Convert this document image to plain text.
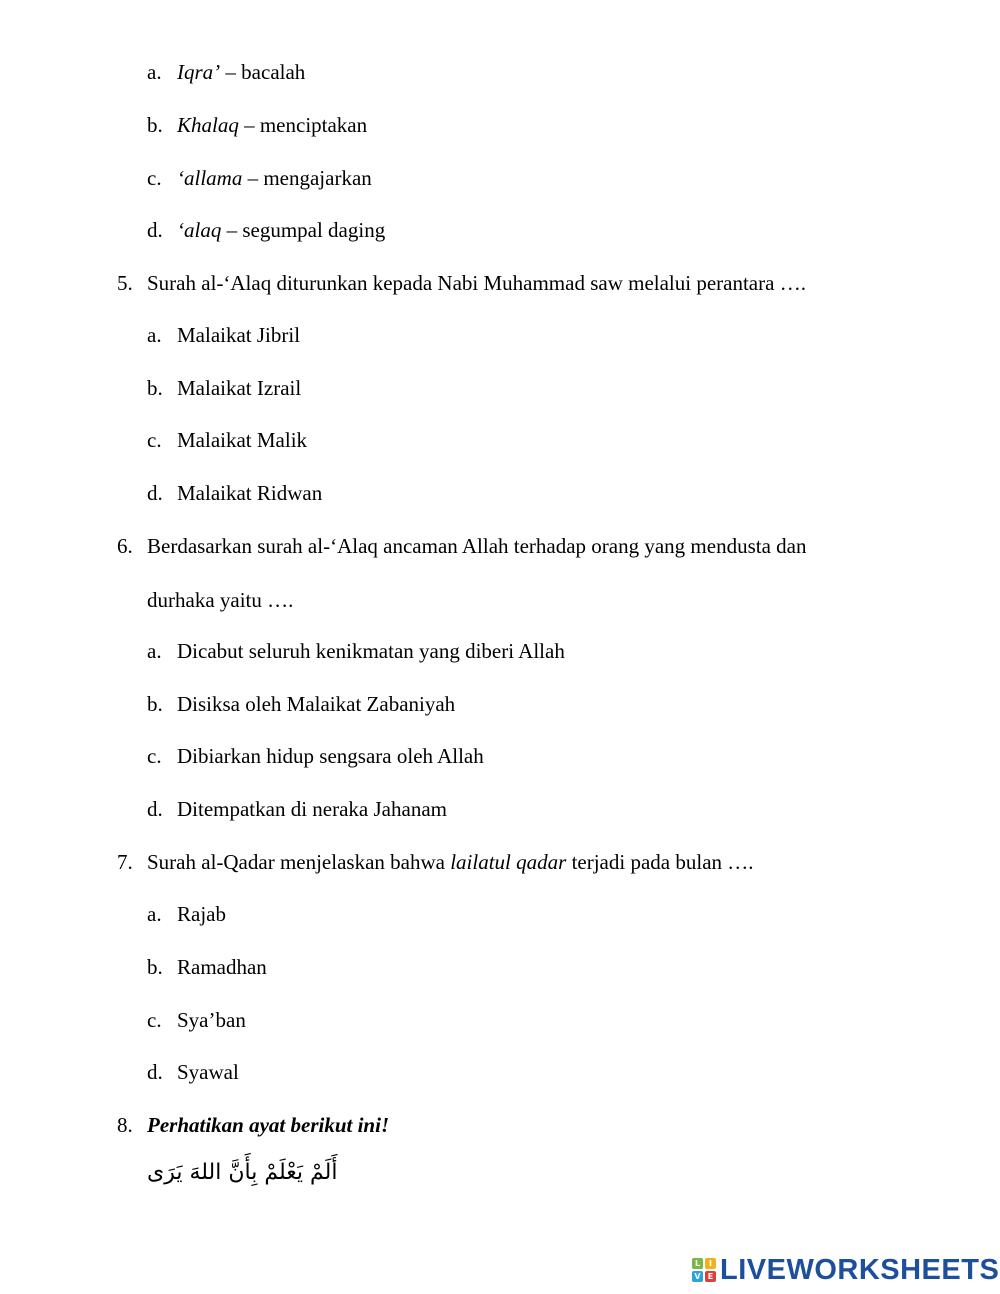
a. Iqra’ – bacalah
b. Khalaq – menciptakan
c. ‘allama – mengajarkan
d. ‘alaq – segumpal daging
5. Surah al-‘Alaq diturunkan kepada Nabi Muhammad saw melalui perantara ….
a. Malaikat Jibril
b. Malaikat Izrail
c. Malaikat Malik
d. Malaikat Ridwan
6. Berdasarkan surah al-‘Alaq ancaman Allah terhadap orang yang mendusta dan
durhaka yaitu ….
a. Dicabut seluruh kenikmatan yang diberi Allah
b. Disiksa oleh Malaikat Zabaniyah
c. Dibiarkan hidup sengsara oleh Allah
d. Ditempatkan di neraka Jahanam
7. Surah al-Qadar menjelaskan bahwa lailatul qadar terjadi pada bulan ….
a. Rajab
b. Ramadhan
c. Sya’ban
d. Syawal
8. Perhatikan ayat berikut ini!
أَلَمْ يَعْلَمْ بِأَنَّ اللهَ يَرَى
L	I
V E LIVEWORKSHEETS
